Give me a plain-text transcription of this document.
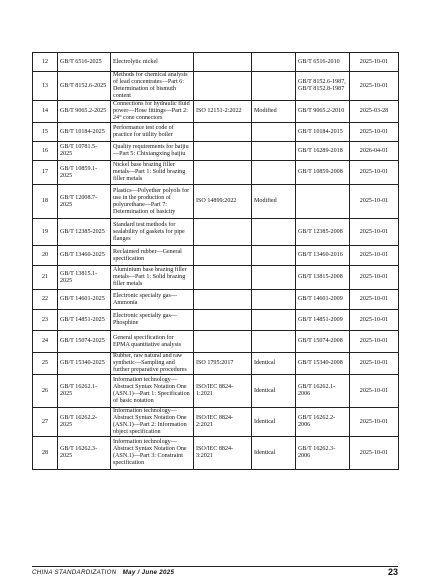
12	GB/T 6516-2025	Electrolytic nickel			GB/T 6516-2010	2025-10-01
13	GB/T 8152.6-2025	Methods for chemical analysis of lead concentrates—Part 6: Determination of bismuth content			GB/T 8152.6-1987, GB/T 8152.8-1987	2025-10-01
14	GB/T 9065.2-2025	Connections for hydraulic fluid power—Hose fittings—Part 2: 24° cone connectors	ISO 12151-2:2022	Modified	GB/T 9065.2-2010	2025-03-28
15	GB/T 10184-2025	Performance test code of practice for utility boiler			GB/T 10184-2015	2025-10-01
16	GB/T 10781.5-2025	Quality requirements for baijiu—Part 5: Chixiangxing baijiu			GB/T 16289-2018	2026-04-01
17	GB/T 10859.1-2025	Nickel base brazing filler metals—Part 1: Solid brazing filler metals			GB/T 10859-2008	2025-10-01
18	GB/T 12008.7-2025	Plastics—Polyether polyols for use in the production of polyurethane—Part 7: Determination of basicity	ISO 14899:2022	Modified		2025-10-01
19	GB/T 12385-2025	Standard test methods for sealability of gaskets for pipe flanges			GB/T 12385-2008	2025-10-01
20	GB/T 13460-2025	Reclaimed rubber—General specification			GB/T 13460-2016	2025-10-01
21	GB/T 13815.1-2025	Aluminium base brazing filler metals—Part 1: Solid brazing filler metals			GB/T 13815-2008	2025-10-01
22	GB/T 14601-2025	Electronic specialty gas—Ammonia			GB/T 14601-2009	2025-10-01
23	GB/T 14851-2025	Electronic specialty gas—Phosphine			GB/T 14851-2009	2025-10-01
24	GB/T 15074-2025	General specification for EPMA quantitative analysis			GB/T 15074-2008	2025-10-01
25	GB/T 15340-2025	Rubber, raw natural and raw synthetic—Sampling and further preparative procedures	ISO 1795:2017	Identical	GB/T 15340-2008	2025-10-01
26	GB/T 16262.1-2025	Information technology—Abstract Syntax Notation One (ASN.1)—Part 1: Specification of basic notation	ISO/IEC 8824-1:2021	Identical	GB/T 16262.1-2006	2025-10-01
27	GB/T 16262.2-2025	Information technology—Abstract Syntax Notation One (ASN.1)—Part 2: Information object specification	ISO/IEC 8824-2:2021	Identical	GB/T 16262.2-2006	2025-10-01
28	GB/T 16262.3-2025	Information technology—Abstract Syntax Notation One (ASN.1)—Part 3: Constraint specification	ISO/IEC 8824-3:2021	Identical	GB/T 16262.3-2006	2025-10-01
CHINA STANDARDIZATION May / June 2025	23
